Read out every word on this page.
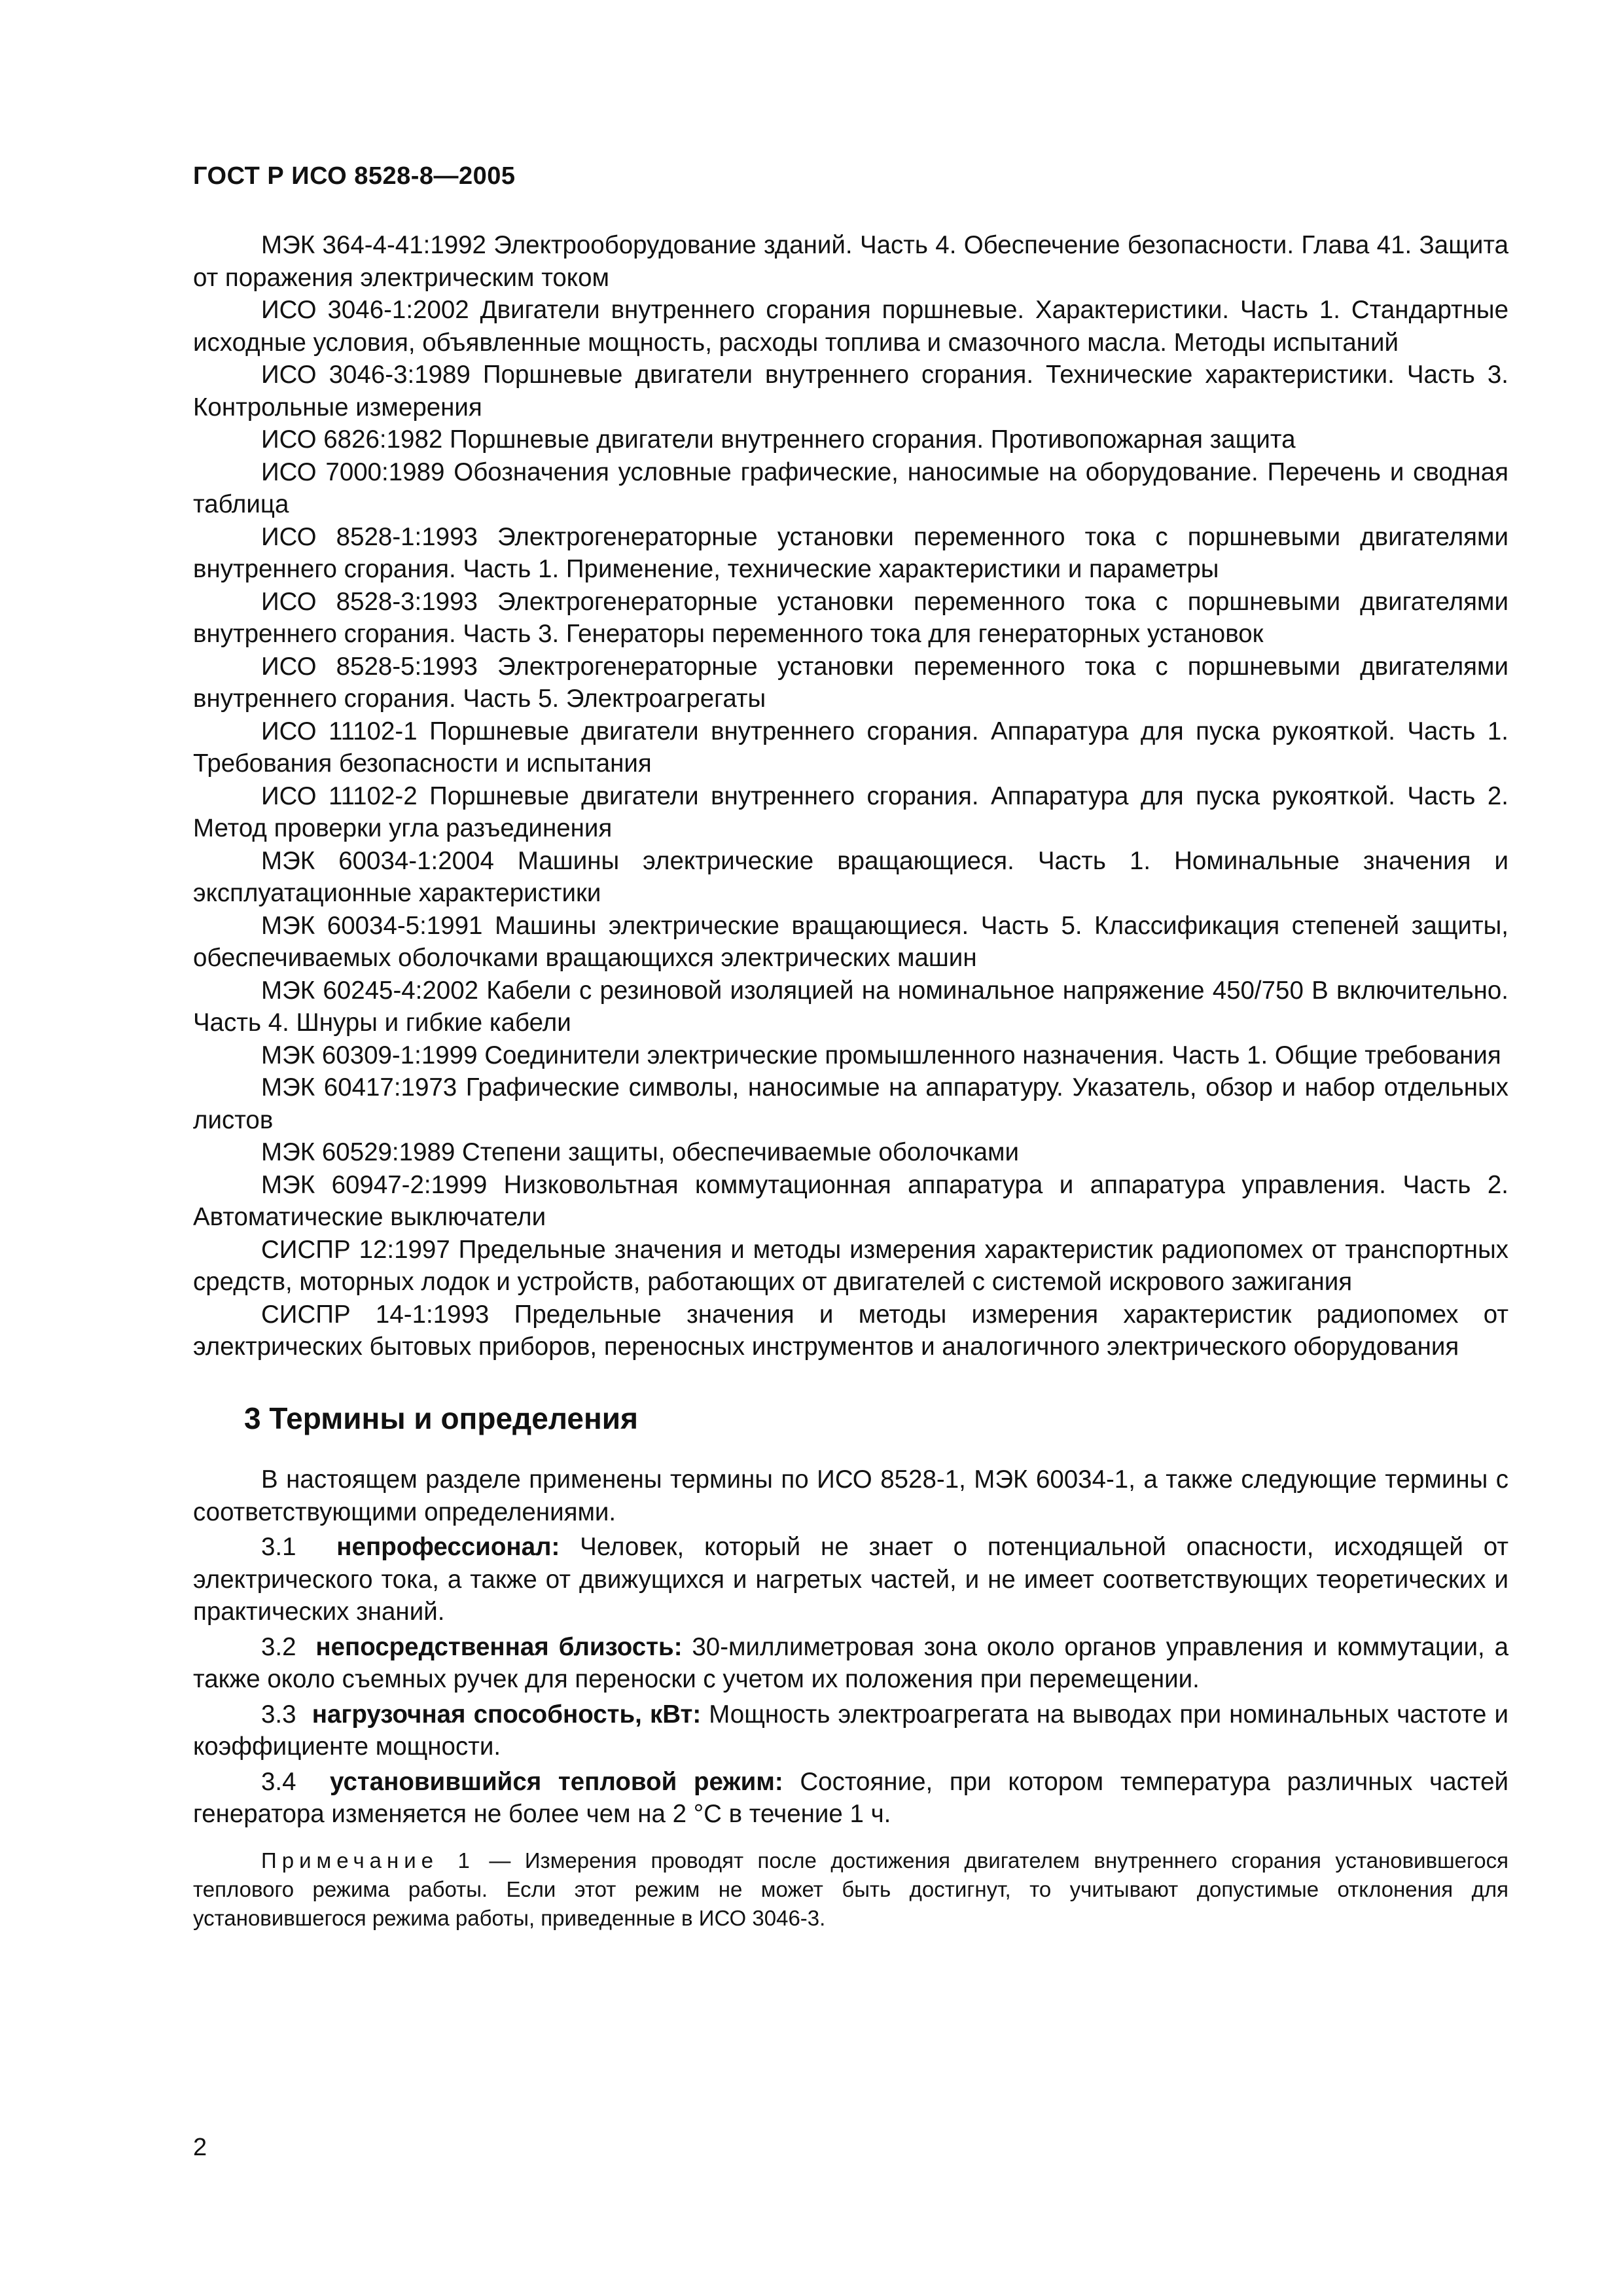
ГОСТ Р ИСО 8528-8—2005

МЭК 364-4-41:1992 Электрооборудование зданий. Часть 4. Обеспечение безопасности. Глава 41. Защита от поражения электрическим током

ИСО 3046-1:2002 Двигатели внутреннего сгорания поршневые. Характеристики. Часть 1. Стандартные исходные условия, объявленные мощность, расходы топлива и смазочного масла. Методы испытаний

ИСО 3046-3:1989 Поршневые двигатели внутреннего сгорания. Технические характеристики. Часть 3. Контрольные измерения

ИСО 6826:1982 Поршневые двигатели внутреннего сгорания. Противопожарная защита

ИСО 7000:1989 Обозначения условные графические, наносимые на оборудование. Перечень и сводная таблица

ИСО 8528-1:1993 Электрогенераторные установки переменного тока с поршневыми двигателями внутреннего сгорания. Часть 1. Применение, технические характеристики и параметры

ИСО 8528-3:1993 Электрогенераторные установки переменного тока с поршневыми двигателями внутреннего сгорания. Часть 3. Генераторы переменного тока для генераторных установок

ИСО 8528-5:1993 Электрогенераторные установки переменного тока с поршневыми двигателями внутреннего сгорания. Часть 5. Электроагрегаты

ИСО 11102-1 Поршневые двигатели внутреннего сгорания. Аппаратура для пуска рукояткой. Часть 1. Требования безопасности и испытания

ИСО 11102-2 Поршневые двигатели внутреннего сгорания. Аппаратура для пуска рукояткой. Часть 2. Метод проверки угла разъединения

МЭК 60034-1:2004 Машины электрические вращающиеся. Часть 1. Номинальные значения и эксплуатационные характеристики

МЭК 60034-5:1991 Машины электрические вращающиеся. Часть 5. Классификация степеней защиты, обеспечиваемых оболочками вращающихся электрических машин

МЭК 60245-4:2002 Кабели с резиновой изоляцией на номинальное напряжение 450/750 В включительно. Часть 4. Шнуры и гибкие кабели

МЭК 60309-1:1999 Соединители электрические промышленного назначения. Часть 1. Общие требования

МЭК 60417:1973 Графические символы, наносимые на аппаратуру. Указатель, обзор и набор отдельных листов

МЭК 60529:1989 Степени защиты, обеспечиваемые оболочками

МЭК 60947-2:1999 Низковольтная коммутационная аппаратура и аппаратура управления. Часть 2. Автоматические выключатели

СИСПР 12:1997 Предельные значения и методы измерения характеристик радиопомех от транспортных средств, моторных лодок и устройств, работающих от двигателей с системой искрового зажигания

СИСПР 14-1:1993 Предельные значения и методы измерения характеристик радиопомех от электрических бытовых приборов, переносных инструментов и аналогичного электрического оборудования

3 Термины и определения

В настоящем разделе применены термины по ИСО 8528-1, МЭК 60034-1, а также следующие термины с соответствующими определениями.

3.1 непрофессионал: Человек, который не знает о потенциальной опасности, исходящей от электрического тока, а также от движущихся и нагретых частей, и не имеет соответствующих теоретических и практических знаний.

3.2 непосредственная близость: 30-миллиметровая зона около органов управления и коммутации, а также около съемных ручек для переноски с учетом их положения при перемещении.

3.3 нагрузочная способность, кВт: Мощность электроагрегата на выводах при номинальных частоте и коэффициенте мощности.

3.4 установившийся тепловой режим: Состояние, при котором температура различных частей генератора изменяется не более чем на 2 °С в течение 1 ч.

Примечание 1 — Измерения проводят после достижения двигателем внутреннего сгорания установившегося теплового режима работы. Если этот режим не может быть достигнут, то учитывают допустимые отклонения для установившегося режима работы, приведенные в ИСО 3046-3.

2
